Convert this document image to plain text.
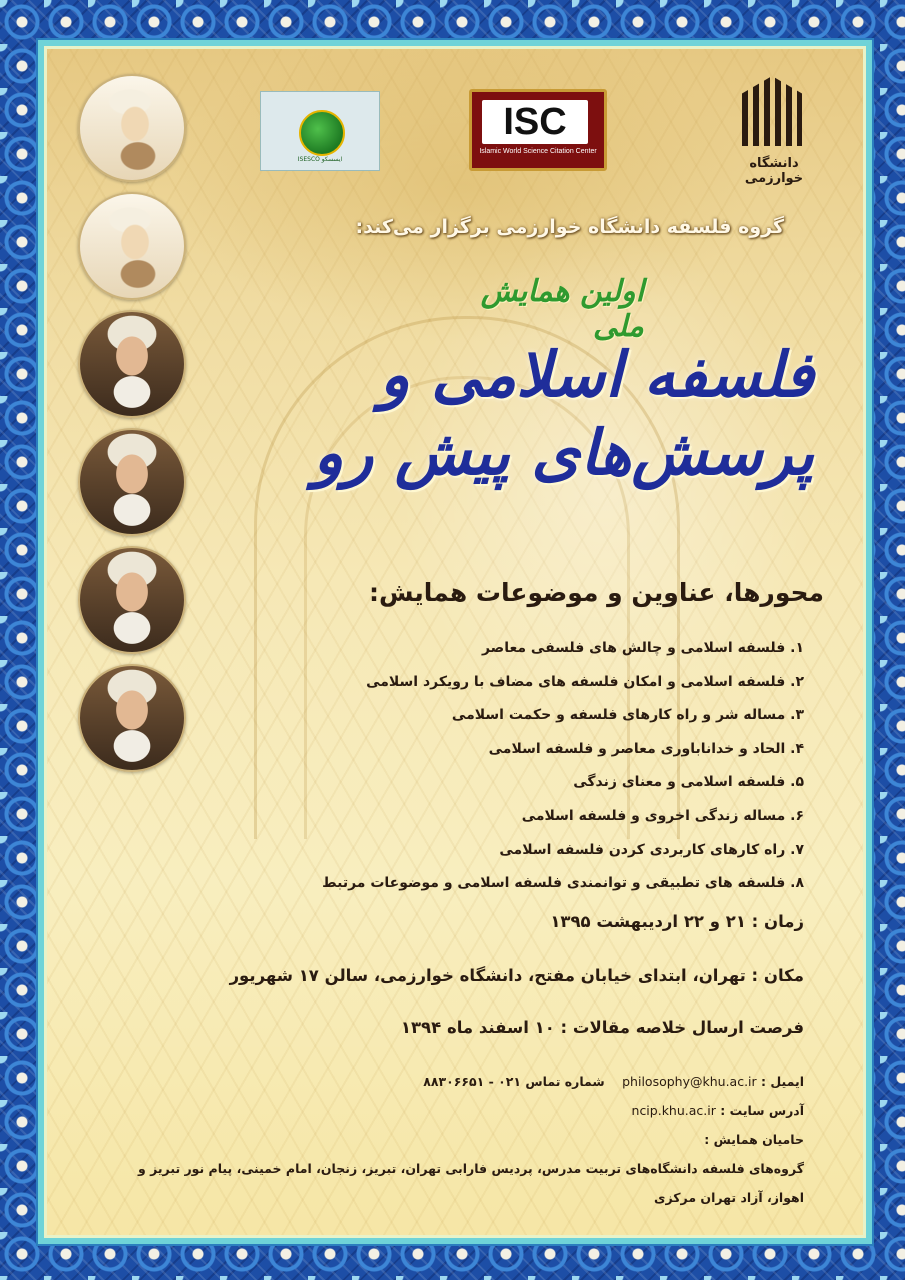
ISESCO ایسسکو
ISC
Islamic World Science Citation Center
دانشگاه خوارزمی
گروه فلسفه دانشگاه خوارزمی برگزار می‌کند:
اولین همایش ملی
فلسفه اسلامی و پرسش‌های پیش رو
محورها، عناوین و موضوعات همایش:
۱. فلسفه اسلامی و چالش های فلسفی معاصر
۲. فلسفه اسلامی و امکان فلسفه های مضاف با رویکرد اسلامی
۳. مساله شر و راه کارهای فلسفه و حکمت اسلامی
۴. الحاد و خداناباوری معاصر و فلسفه اسلامی
۵. فلسفه اسلامی و معنای زندگی
۶. مساله زندگی اخروی و فلسفه اسلامی
۷. راه کارهای کاربردی کردن فلسفه اسلامی
۸. فلسفه های تطبیقی و توانمندی فلسفه اسلامی و موضوعات مرتبط
زمان : ۲۱ و ۲۲ اردیبهشت ۱۳۹۵
مکان : تهران، ابتدای خیابان مفتح، دانشگاه خوارزمی، سالن ۱۷ شهریور
فرصت ارسال خلاصه مقالات : ۱۰ اسفند ماه ۱۳۹۴
ایمیل : philosophy@khu.ac.ir    شماره تماس ۰۲۱ - ۸۸۳۰۶۶۵۱
آدرس سایت : ncip.khu.ac.ir
حامیان همایش :
گروه‌های فلسفه دانشگاه‌های تربیت مدرس، پردیس فارابی تهران، تبریز، زنجان، امام خمینی، پیام نور تبریز و
اهواز، آزاد تهران مرکزی
